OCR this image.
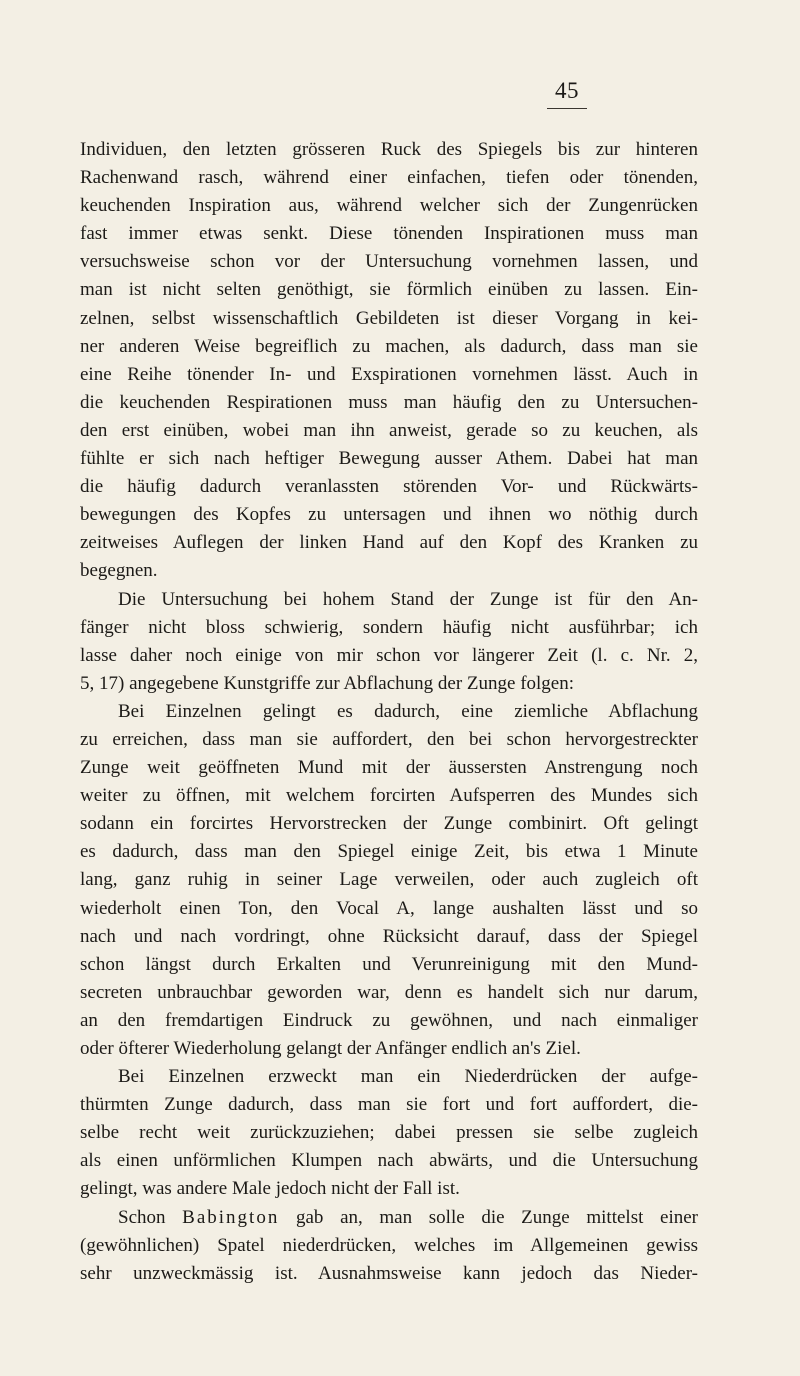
45
Individuen, den letzten grösseren Ruck des Spiegels bis zur hinteren
Rachenwand rasch, während einer einfachen, tiefen oder tönenden,
keuchenden Inspiration aus, während welcher sich der Zungenrücken
fast immer etwas senkt. Diese tönenden Inspirationen muss man
versuchsweise schon vor der Untersuchung vornehmen lassen, und
man ist nicht selten genöthigt, sie förmlich einüben zu lassen. Ein-
zelnen, selbst wissenschaftlich Gebildeten ist dieser Vorgang in kei-
ner anderen Weise begreiflich zu machen, als dadurch, dass man sie
eine Reihe tönender In- und Exspirationen vornehmen lässt. Auch in
die keuchenden Respirationen muss man häufig den zu Untersuchen-
den erst einüben, wobei man ihn anweist, gerade so zu keuchen, als
fühlte er sich nach heftiger Bewegung ausser Athem. Dabei hat man
die häufig dadurch veranlassten störenden Vor- und Rückwärts-
bewegungen des Kopfes zu untersagen und ihnen wo nöthig durch
zeitweises Auflegen der linken Hand auf den Kopf des Kranken zu
begegnen.
Die Untersuchung bei hohem Stand der Zunge ist für den An-
fänger nicht bloss schwierig, sondern häufig nicht ausführbar; ich
lasse daher noch einige von mir schon vor längerer Zeit (l. c. Nr. 2,
5, 17) angegebene Kunstgriffe zur Abflachung der Zunge folgen:
Bei Einzelnen gelingt es dadurch, eine ziemliche Abflachung
zu erreichen, dass man sie auffordert, den bei schon hervorgestreckter
Zunge weit geöffneten Mund mit der äussersten Anstrengung noch
weiter zu öffnen, mit welchem forcirten Aufsperren des Mundes sich
sodann ein forcirtes Hervorstrecken der Zunge combinirt. Oft gelingt
es dadurch, dass man den Spiegel einige Zeit, bis etwa 1 Minute
lang, ganz ruhig in seiner Lage verweilen, oder auch zugleich oft
wiederholt einen Ton, den Vocal A, lange aushalten lässt und so
nach und nach vordringt, ohne Rücksicht darauf, dass der Spiegel
schon längst durch Erkalten und Verunreinigung mit den Mund-
secreten unbrauchbar geworden war, denn es handelt sich nur darum,
an den fremdartigen Eindruck zu gewöhnen, und nach einmaliger
oder öfterer Wiederholung gelangt der Anfänger endlich an's Ziel.
Bei Einzelnen erzweckt man ein Niederdrücken der aufge-
thürmten Zunge dadurch, dass man sie fort und fort auffordert, die-
selbe recht weit zurückzuziehen; dabei pressen sie selbe zugleich
als einen unförmlichen Klumpen nach abwärts, und die Untersuchung
gelingt, was andere Male jedoch nicht der Fall ist.
Schon Babington gab an, man solle die Zunge mittelst einer
(gewöhnlichen) Spatel niederdrücken, welches im Allgemeinen gewiss
sehr unzweckmässig ist. Ausnahmsweise kann jedoch das Nieder-
